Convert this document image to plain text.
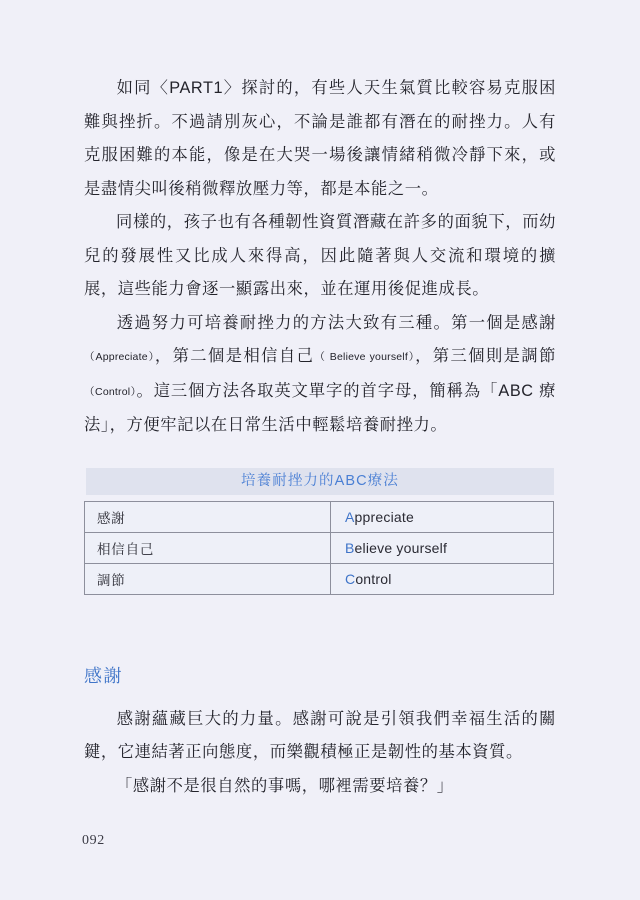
如同〈PART1〉探討的，有些人天生氣質比較容易克服困難與挫折。不過請別灰心，不論是誰都有潛在的耐挫力。人有克服困難的本能，像是在大哭一場後讓情緒稍微冷靜下來，或是盡情尖叫後稍微釋放壓力等，都是本能之一。

同樣的，孩子也有各種韌性資質潛藏在許多的面貌下，而幼兒的發展性又比成人來得高，因此隨著與人交流和環境的擴展，這些能力會逐一顯露出來，並在運用後促進成長。

透過努力可培養耐挫力的方法大致有三種。第一個是感謝（Appreciate），第二個是相信自己（ Believe yourself），第三個則是調節（Control）。這三個方法各取英文單字的首字母，簡稱為「ABC 療法」，方便牢記以在日常生活中輕鬆培養耐挫力。

培養耐挫力的ABC療法
感謝	Appreciate
相信自己	Believe yourself
調節	Control
感謝

感謝蘊藏巨大的力量。感謝可說是引領我們幸福生活的關鍵，它連結著正向態度，而樂觀積極正是韌性的基本資質。

「感謝不是很自然的事嗎，哪裡需要培養？」

092
